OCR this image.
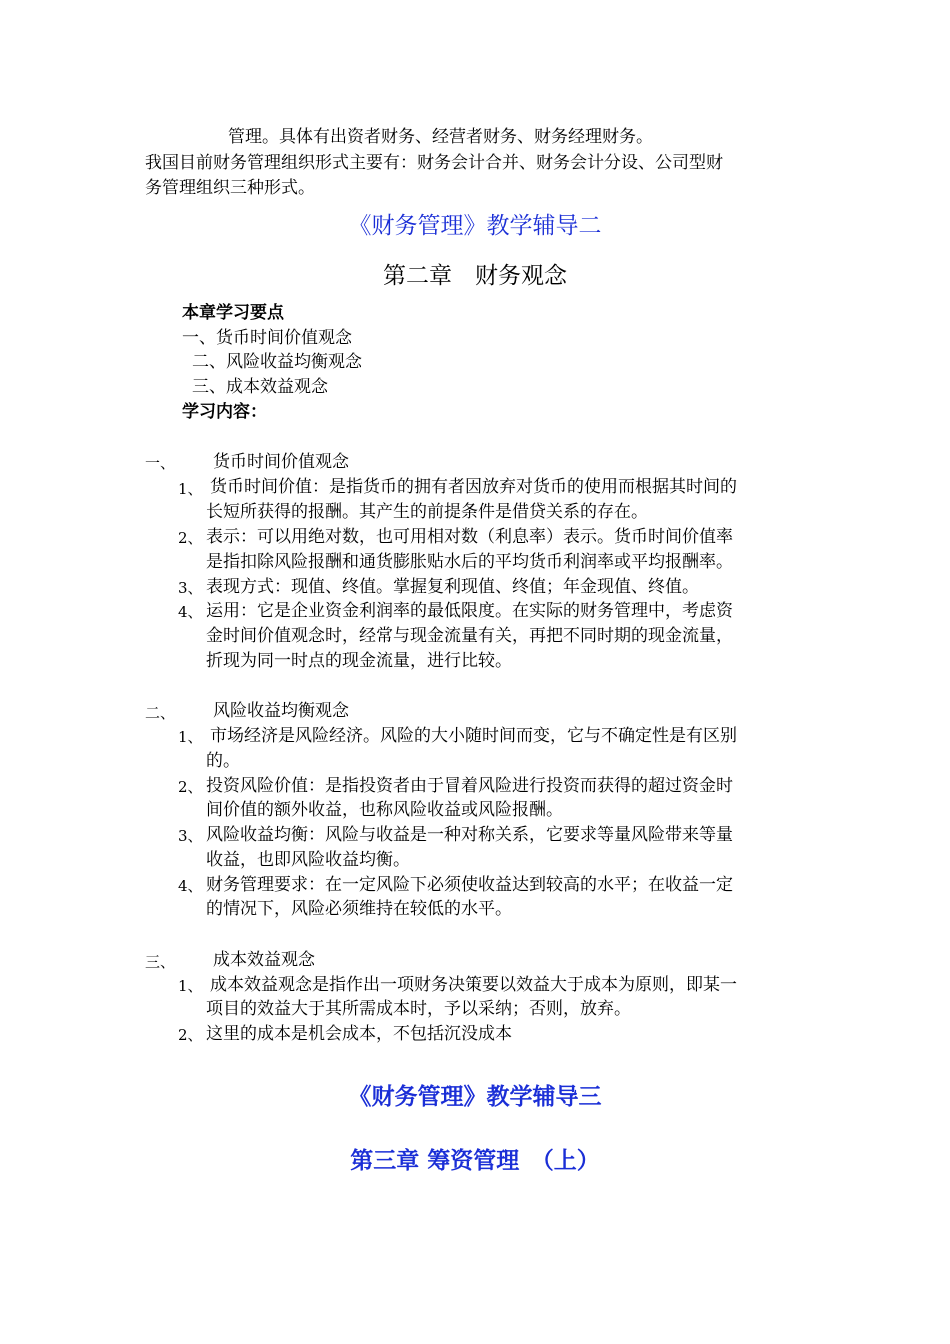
管理。具体有出资者财务、经营者财务、财务经理财务。
我国目前财务管理组织形式主要有：财务会计合并、财务会计分设、公司型财
务管理组织三种形式。
《财务管理》教学辅导二
第二章　财务观念
本章学习要点
一、货币时间价值观念
二、风险收益均衡观念
三、成本效益观念
学习内容：
一、 货币时间价值观念
1、 货币时间价值：是指货币的拥有者因放弃对货币的使用而根据其时间的
长短所获得的报酬。其产生的前提条件是借贷关系的存在。
2、 表示：可以用绝对数，也可用相对数（利息率）表示。货币时间价值率
是指扣除风险报酬和通货膨胀贴水后的平均货币利润率或平均报酬率。
3、 表现方式：现值、终值。掌握复利现值、终值；年金现值、终值。
4、 运用：它是企业资金利润率的最低限度。在实际的财务管理中，考虑资
金时间价值观念时，经常与现金流量有关，再把不同时期的现金流量，
折现为同一时点的现金流量，进行比较。
二、 风险收益均衡观念
1、 市场经济是风险经济。风险的大小随时间而变，它与不确定性是有区别
的。
2、 投资风险价值：是指投资者由于冒着风险进行投资而获得的超过资金时
间价值的额外收益，也称风险收益或风险报酬。
3、 风险收益均衡：风险与收益是一种对称关系，它要求等量风险带来等量
收益，也即风险收益均衡。
4、 财务管理要求：在一定风险下必须使收益达到较高的水平；在收益一定
的情况下，风险必须维持在较低的水平。
三、 成本效益观念
1、 成本效益观念是指作出一项财务决策要以效益大于成本为原则，即某一
项目的效益大于其所需成本时，予以采纳；否则，放弃。
2、 这里的成本是机会成本，不包括沉没成本
《财务管理》教学辅导三
第三章 筹资管理　（上）
